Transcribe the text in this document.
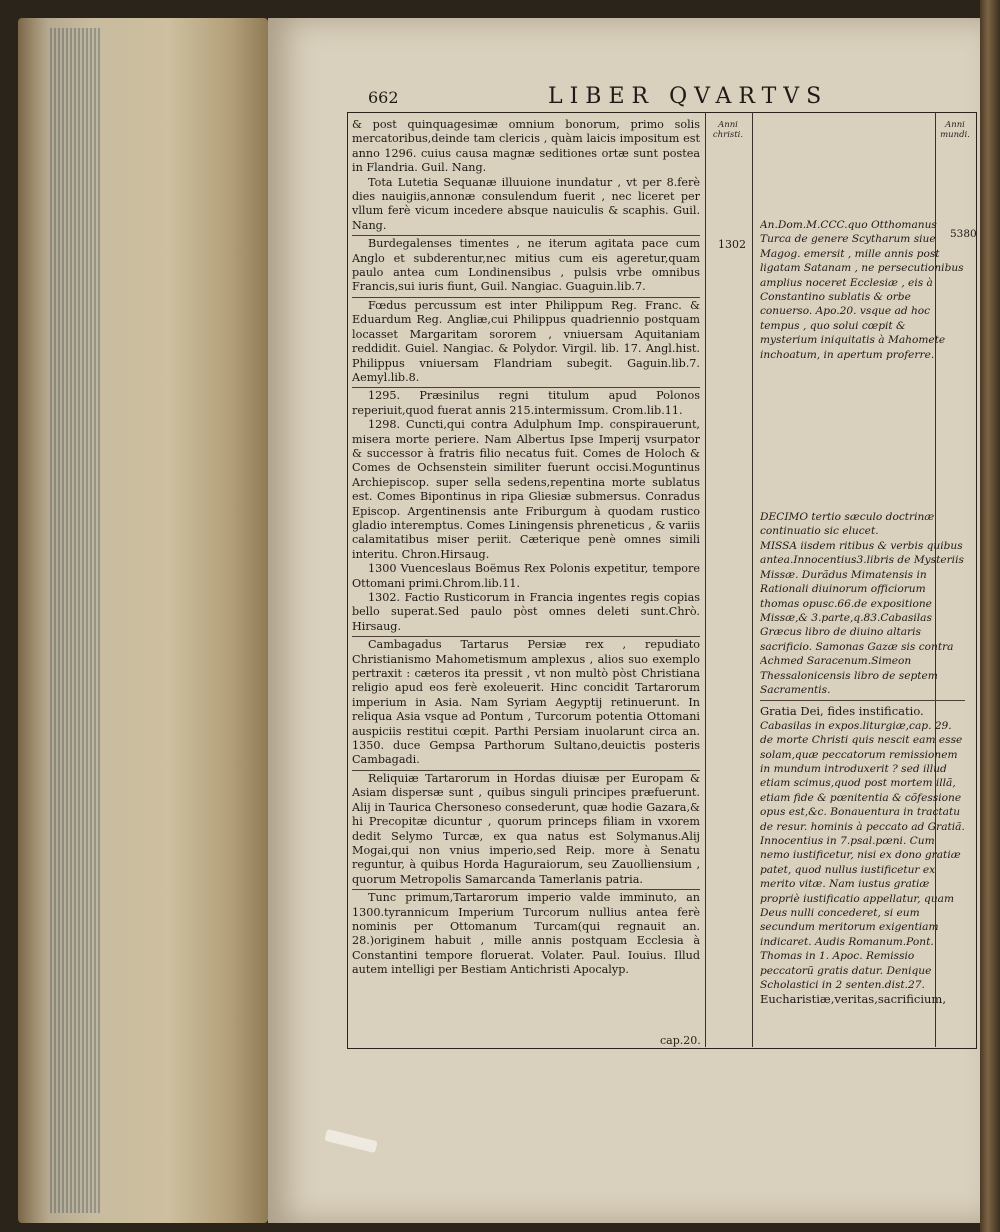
662	LIBER QVARTVS
Anni christi.
Anni mundi.
1302
5380

& post quinquagesimæ omnium bonorum, primo solis mercatoribus,deinde tam clericis , quàm laicis impositum est anno 1296. cuius causa magnæ seditiones ortæ sunt postea in Flandria. Guil. Nang.

Tota Lutetia Sequanæ illuuione inundatur , vt per 8.ferè dies nauigiis,annonæ consulendum fuerit , nec liceret per vllum ferè vicum incedere absque nauiculis & scaphis. Guil. Nang.

Burdegalenses timentes , ne iterum agitata pace cum Anglo et subderentur,nec mitius cum eis ageretur,quam paulo antea cum Londinensibus , pulsis vrbe omnibus Francis,sui iuris fiunt, Guil. Nangiac. Guaguin.lib.7.

Fœdus percussum est inter Philippum Reg. Franc. & Eduardum Reg. Angliæ,cui Philippus quadriennio postquam locasset Margaritam sororem , vniuersam Aquitaniam reddidit. Guiel. Nangiac. & Polydor. Virgil. lib. 17. Angl.hist. Philippus vniuersam Flandriam subegit. Gaguin.lib.7. Aemyl.lib.8.

1295. Præsinilus regni titulum apud Polonos reperiuit,quod fuerat annis 215.intermissum. Crom.lib.11.

1298. Cuncti,qui contra Adulphum Imp. conspirauerunt, misera morte periere. Nam Albertus Ipse Imperij vsurpator & successor à fratris filio necatus fuit. Comes de Holoch & Comes de Ochsenstein similiter fuerunt occisi.Moguntinus Archiepiscop. super sella sedens,repentina morte sublatus est. Comes Bipontinus in ripa Gliesiæ submersus. Conradus Episcop. Argentinensis ante Friburgum à quodam rustico gladio interemptus. Comes Liningensis phreneticus , & variis calamitatibus miser periit. Cæterique penè omnes simili interitu. Chron.Hirsaug.

1300 Vuenceslaus Boëmus Rex Polonis expetitur, tempore Ottomani primi.Chrom.lib.11.

1302. Factio Rusticorum in Francia ingentes regis copias bello superat.Sed paulo pòst omnes deleti sunt.Chrò. Hirsaug.

Cambagadus Tartarus Persiæ rex , repudiato Christianismo Mahometismum amplexus , alios suo exemplo pertraxit : cæteros ita pressit , vt non multò pòst Christiana religio apud eos ferè exoleuerit. Hinc concidit Tartarorum imperium in Asia. Nam Syriam Aegyptij retinuerunt. In reliqua Asia vsque ad Pontum , Turcorum potentia Ottomani auspiciis restitui cœpit. Parthi Persiam inuolarunt circa an. 1350. duce Gempsa Parthorum Sultano,deuictis posteris Cambagadi.

Reliquiæ Tartarorum in Hordas diuisæ per Europam & Asiam dispersæ sunt , quibus singuli principes præfuerunt. Alij in Taurica Chersoneso consederunt, quæ hodie Gazara,& hi Precopitæ dicuntur , quorum princeps filiam in vxorem dedit Selymo Turcæ, ex qua natus est Solymanus.Alij Mogai,qui non vnius imperio,sed Reip. more à Senatu reguntur, à quibus Horda Haguraiorum, seu Zauolliensium , quorum Metropolis Samarcanda Tamerlanis patria.

Tunc primum,Tartarorum imperio valde imminuto, an 1300.tyrannicum Imperium Turcorum nullius antea ferè nominis per Ottomanum Turcam(qui regnauit an. 28.)originem habuit , mille annis postquam Ecclesia à Constantini tempore floruerat. Volater. Paul. Iouius. Illud autem intelligi per Bestiam Antichristi Apocalyp.

An.Dom.M.CCC.quo Otthomanus Turca de genere Scytharum siue Magog. emersit , mille annis post ligatam Satanam , ne persecutionibus amplius noceret Ecclesiæ , eis à Constantino sublatis & orbe conuerso. Apo.20. vsque ad hoc tempus , quo solui cœpit & mysterium iniquitatis à Mahomete inchoatum, in apertum proferre.

DECIMO tertio sæculo doctrinæ continuatio sic elucet.

MISSA iisdem ritibus & verbis quibus antea.Innocentius3.libris de Mysteriis Missæ. Durãdus Mimatensis in Rationali diuinorum officiorum thomas opusc.66.de expositione Missæ,& 3.parte,q.83.Cabasilas Græcus libro de diuino altaris sacrificio. Samonas Gazæ sis contra Achmed Saracenum.Simeon Thessalonicensis libro de septem Sacramentis.

Gratia Dei, fides instificatio.

Cabasilas in expos.liturgiæ,cap. 29. de morte Christi quis nescit eam esse solam,quæ peccatorum remissionem in mundum introduxerit ? sed illud etiam scimus,quod post mortem illã, etiam fide & pœnitentia & cõfessione opus est,&c. Bonauentura in tractatu de resur. hominis à peccato ad Gratiã. Innocentius in 7.psal.pœni. Cum nemo iustificetur, nisi ex dono gratiæ patet, quod nullus iustificetur ex merito vitæ. Nam iustus gratiæ propriè iustificatio appellatur, quam Deus nulli concederet, si eum secundum meritorum exigentiam indicaret. Audis Romanum.Pont. Thomas in 1. Apoc. Remissio peccatorũ gratis datur. Denique Scholastici in 2 senten.dist.27.

Eucharistiæ,veritas,sacrificium,

cap.20.
